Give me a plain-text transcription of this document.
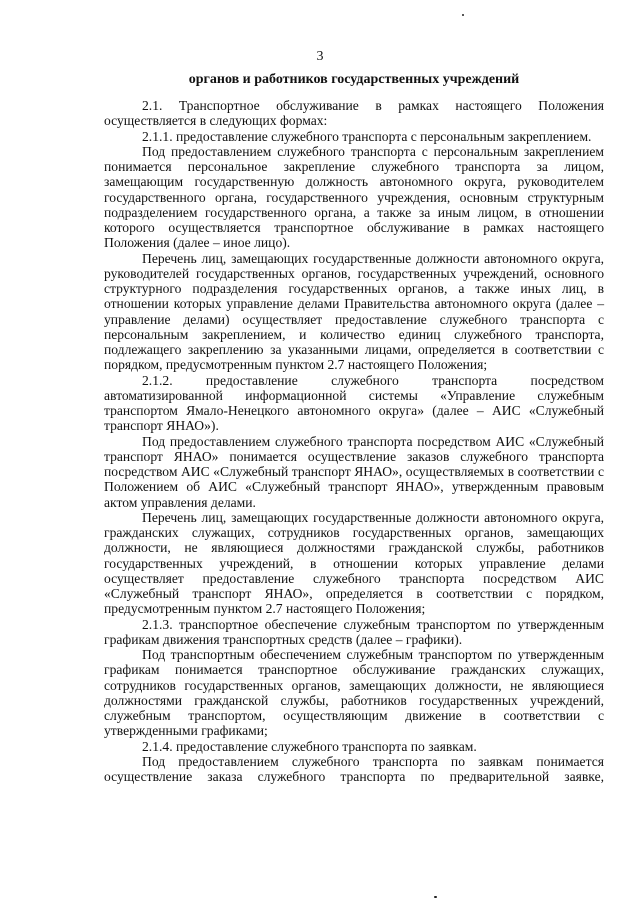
3
органов и работников государственных учреждений

2.1. Транспортное обслуживание в рамках настоящего Положения осуществляется в следующих формах:

2.1.1. предоставление служебного транспорта с персональным закреплением.

Под предоставлением служебного транспорта с персональным закреплением понимается персональное закрепление служебного транспорта за лицом, замещающим государственную должность автономного округа, руководителем государственного органа, государственного учреждения, основным структурным подразделением государственного органа, а также за иным лицом, в отношении которого осуществляется транспортное обслуживание в рамках настоящего Положения (далее – иное лицо).

Перечень лиц, замещающих государственные должности автономного округа, руководителей государственных органов, государственных учреждений, основного структурного подразделения государственных органов, а также иных лиц, в отношении которых управление делами Правительства автономного округа (далее – управление делами) осуществляет предоставление служебного транспорта с персональным закреплением, и количество единиц служебного транспорта, подлежащего закреплению за указанными лицами, определяется в соответствии с порядком, предусмотренным пунктом 2.7 настоящего Положения;

2.1.2. предоставление служебного транспорта посредством автоматизированной информационной системы «Управление служебным транспортом Ямало-Ненецкого автономного округа» (далее – АИС «Служебный транспорт ЯНАО»).

Под предоставлением служебного транспорта посредством АИС «Служебный транспорт ЯНАО» понимается осуществление заказов служебного транспорта посредством АИС «Служебный транспорт ЯНАО», осуществляемых в соответствии с Положением об АИС «Служебный транспорт ЯНАО», утвержденным правовым актом управления делами.

Перечень лиц, замещающих государственные должности автономного округа, гражданских служащих, сотрудников государственных органов, замещающих должности, не являющиеся должностями гражданской службы, работников государственных учреждений, в отношении которых управление делами осуществляет предоставление служебного транспорта посредством АИС «Служебный транспорт ЯНАО», определяется в соответствии с порядком, предусмотренным пунктом 2.7 настоящего Положения;

2.1.3. транспортное обеспечение служебным транспортом по утвержденным графикам движения транспортных средств (далее – графики).

Под транспортным обеспечением служебным транспортом по утвержденным графикам понимается транспортное обслуживание гражданских служащих, сотрудников государственных органов, замещающих должности, не являющиеся должностями гражданской службы, работников государственных учреждений, служебным транспортом, осуществляющим движение в соответствии с утвержденными графиками;

2.1.4. предоставление служебного транспорта по заявкам.

Под предоставлением служебного транспорта по заявкам понимается осуществление заказа служебного транспорта по предварительной заявке,
